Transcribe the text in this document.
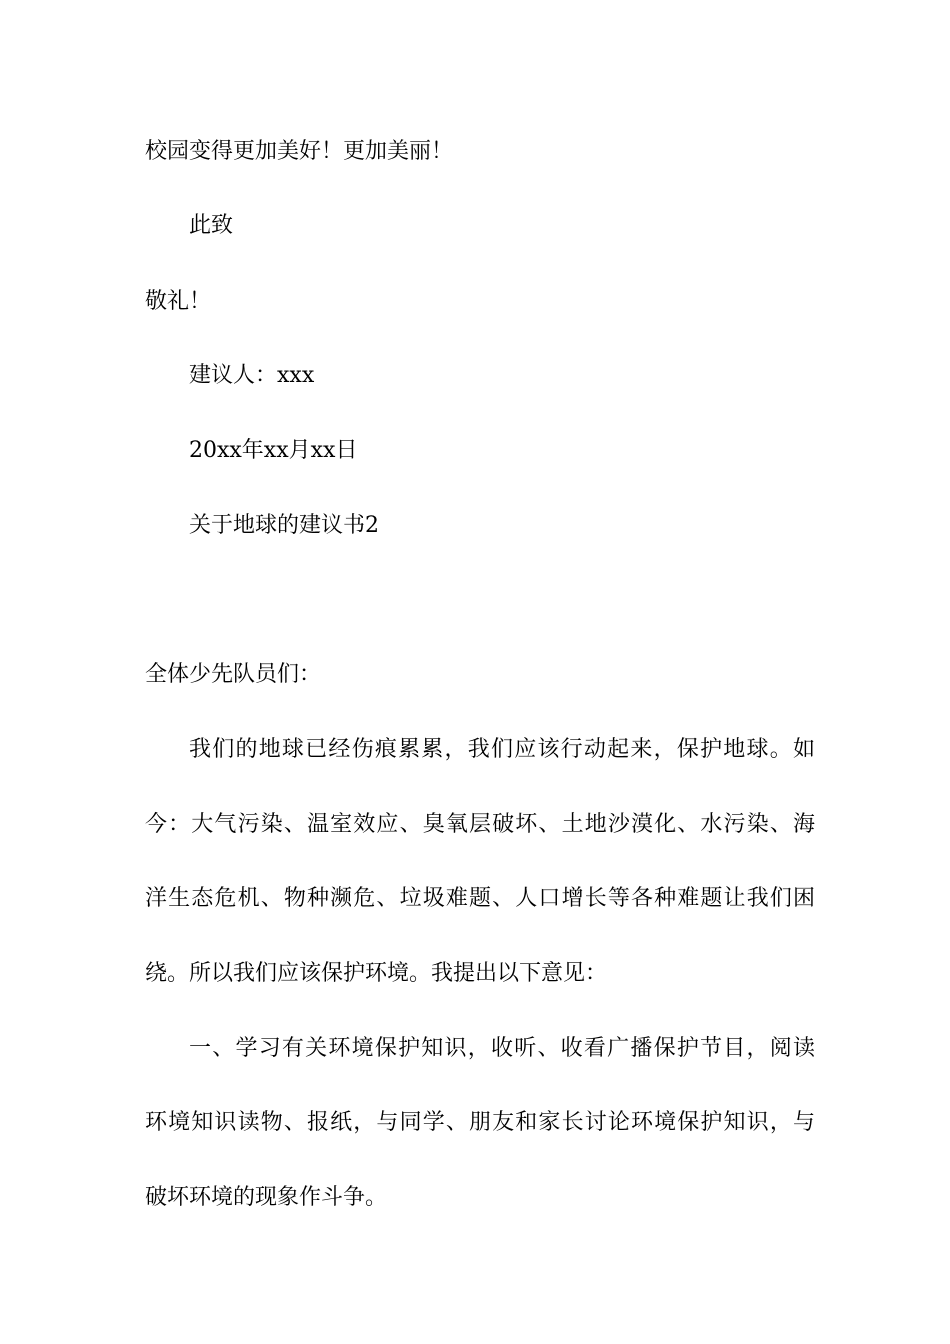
校园变得更加美好！更加美丽！
此致
敬礼！
建议人：xxx
20xx年xx月xx日
关于地球的建议书2
全体少先队员们：
我们的地球已经伤痕累累，我们应该行动起来，保护地球。如
今：大气污染、温室效应、臭氧层破坏、土地沙漠化、水污染、海
洋生态危机、物种濒危、垃圾难题、人口增长等各种难题让我们困
绕。所以我们应该保护环境。我提出以下意见：
一、学习有关环境保护知识，收听、收看广播保护节目，阅读
环境知识读物、报纸，与同学、朋友和家长讨论环境保护知识，与
破坏环境的现象作斗争。
